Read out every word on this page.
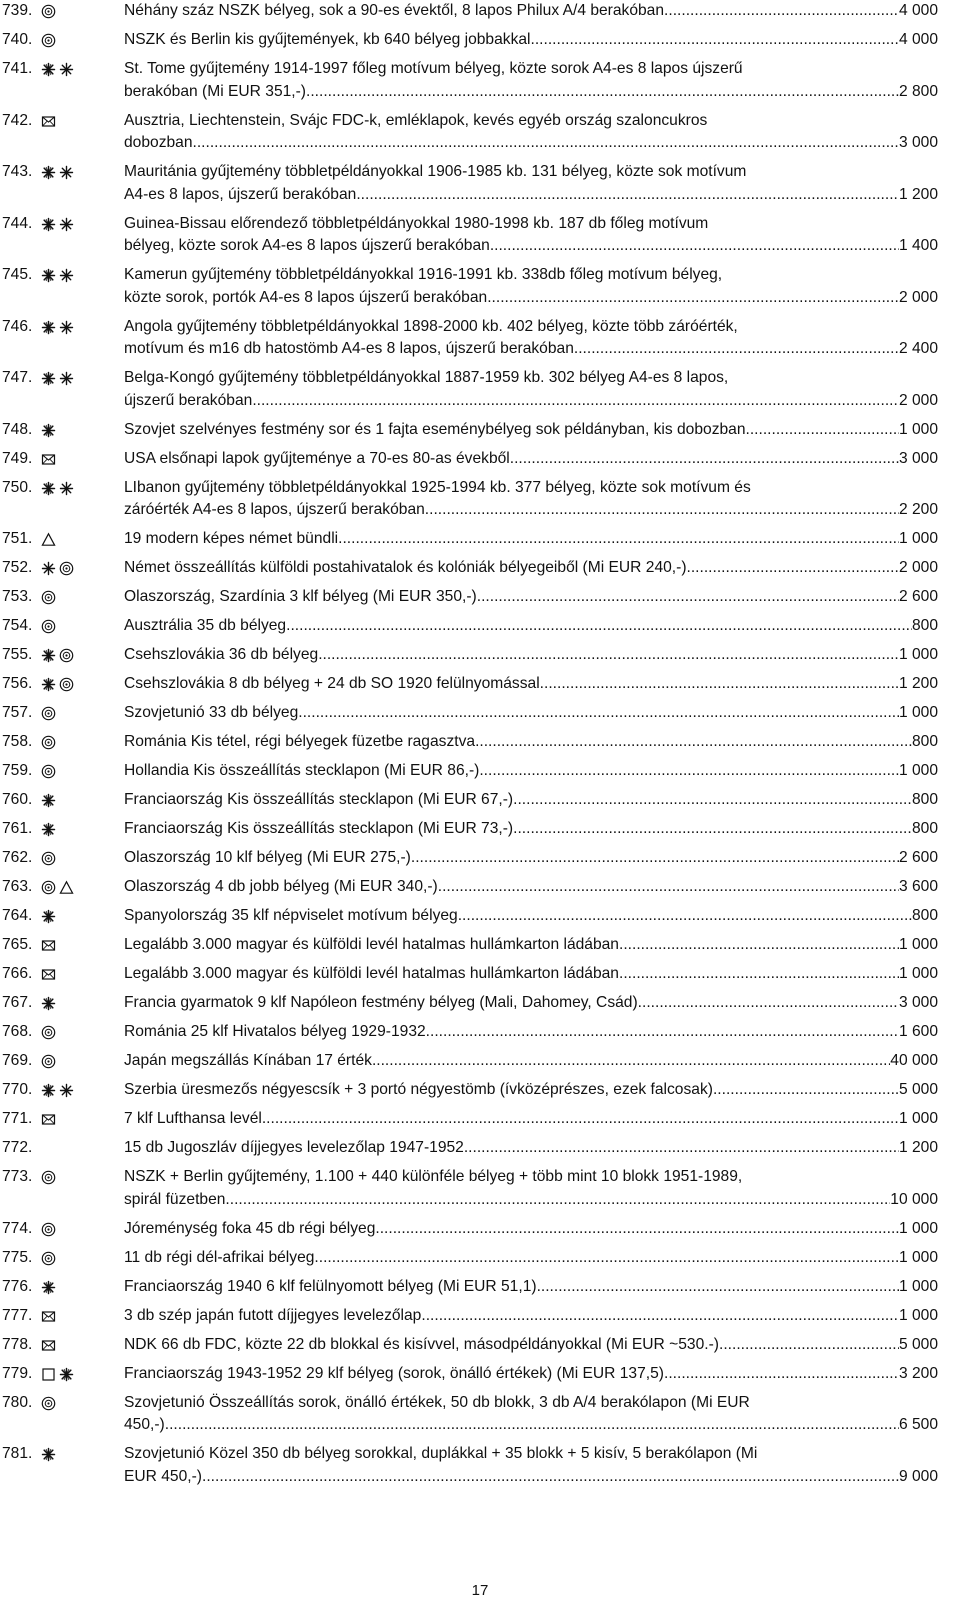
739.	Néhány száz NSZK bélyeg, sok a 90-es évektől, 8 lapos Philux A/4 berakóban .....	4 000
740.	NSZK és Berlin kis gyűjtemények, kb 640 bélyeg jobbakkal .....	4 000
741.	St. Tome gyűjtemény 1914-1997 főleg motívum bélyeg, közte sorok A4-es 8 lapos újszerű
berakóban (Mi EUR 351,-) .....	2 800
742.	Ausztria, Liechtenstein, Svájc FDC-k, emléklapok, kevés egyéb ország szaloncukros
dobozban .....	3 000
743.	Mauritánia gyűjtemény többletpéldányokkal 1906-1985 kb. 131 bélyeg, közte sok motívum
A4-es 8 lapos, újszerű berakóban .....	1 200
744.	Guinea-Bissau előrendező többletpéldányokkal 1980-1998 kb. 187 db főleg motívum
bélyeg, közte sorok A4-es 8 lapos újszerű berakóban .....	1 400
745.	Kamerun gyűjtemény többletpéldányokkal 1916-1991 kb. 338db főleg motívum bélyeg,
közte sorok, portók A4-es 8 lapos újszerű berakóban .....	2 000
746.	Angola gyűjtemény többletpéldányokkal 1898-2000 kb. 402 bélyeg, közte több záróérték,
motívum és m16 db hatostömb A4-es 8 lapos, újszerű berakóban .....	2 400
747.	Belga-Kongó gyűjtemény többletpéldányokkal 1887-1959 kb. 302 bélyeg A4-es 8 lapos,
újszerű berakóban .....	2 000
748.	Szovjet szelvényes festmény sor és 1 fajta eseménybélyeg sok példányban, kis dobozban .....	1 000
749.	USA elsőnapi lapok gyűjteménye a 70-es 80-as évekből .....	3 000
750.	LIbanon gyűjtemény többletpéldányokkal 1925-1994 kb. 377 bélyeg, közte sok motívum és
záróérték A4-es 8 lapos, újszerű berakóban .....	2 200
751.	19 modern képes német bündli .....	1 000
752.	Német összeállítás külföldi postahivatalok és kolóniák bélyegeiből (Mi EUR 240,-) .....	2 000
753.	Olaszország, Szardínia 3 klf bélyeg (Mi EUR 350,-) .....	2 600
754.	Ausztrália 35 db bélyeg .....	800
755.	Csehszlovákia 36 db bélyeg .....	1 000
756.	Csehszlovákia 8 db bélyeg + 24 db SO 1920 felülnyomással .....	1 200
757.	Szovjetunió 33 db bélyeg .....	1 000
758.	Románia Kis tétel, régi bélyegek füzetbe ragasztva .....	800
759.	Hollandia Kis összeállítás stecklapon (Mi EUR 86,-) .....	1 000
760.	Franciaország Kis összeállítás stecklapon (Mi EUR 67,-) .....	800
761.	Franciaország Kis összeállítás stecklapon (Mi EUR 73,-) .....	800
762.	Olaszország 10 klf bélyeg (Mi EUR 275,-) .....	2 600
763.	Olaszország 4 db jobb bélyeg (Mi EUR 340,-) .....	3 600
764.	Spanyolország 35 klf népviselet motívum bélyeg .....	800
765.	Legalább 3.000 magyar és külföldi levél hatalmas hullámkarton ládában .....	1 000
766.	Legalább 3.000 magyar és külföldi levél hatalmas hullámkarton ládában .....	1 000
767.	Francia gyarmatok 9 klf Napóleon festmény bélyeg (Mali, Dahomey, Csád) .....	3 000
768.	Románia 25 klf Hivatalos bélyeg 1929-1932 .....	1 600
769.	Japán megszállás Kínában 17 érték .....	40 000
770.	Szerbia üresmezős négyescsík + 3 portó négyestömb (ívközéprészes, ezek falcosak) .....	5 000
771.	7 klf Lufthansa levél .....	1 000
772.	15 db Jugoszláv díjjegyes levelezőlap 1947-1952 .....	1 200
773.	NSZK + Berlin gyűjtemény, 1.100 + 440 különféle bélyeg + több mint 10 blokk 1951-1989,
spirál füzetben .....	10 000
774.	Jóreménység foka 45 db régi bélyeg .....	1 000
775.	11 db régi dél-afrikai bélyeg .....	1 000
776.	Franciaország 1940 6 klf felülnyomott bélyeg (Mi EUR 51,1) .....	1 000
777.	3 db szép japán futott díjjegyes levelezőlap .....	1 000
778.	NDK 66 db FDC, közte 22 db blokkal és kisívvel, másodpéldányokkal (Mi EUR ~530.-) .....	5 000
779.	Franciaország 1943-1952 29 klf bélyeg (sorok, önálló értékek) (Mi EUR 137,5) .....	3 200
780.	Szovjetunió Összeállítás sorok, önálló értékek, 50 db blokk, 3 db A/4 berakólapon (Mi EUR
450,-) .....	6 500
781.	Szovjetunió Közel 350 db bélyeg sorokkal, duplákkal + 35 blokk + 5 kisív, 5 berakólapon (Mi
EUR 450,-) .....	9 000
17
